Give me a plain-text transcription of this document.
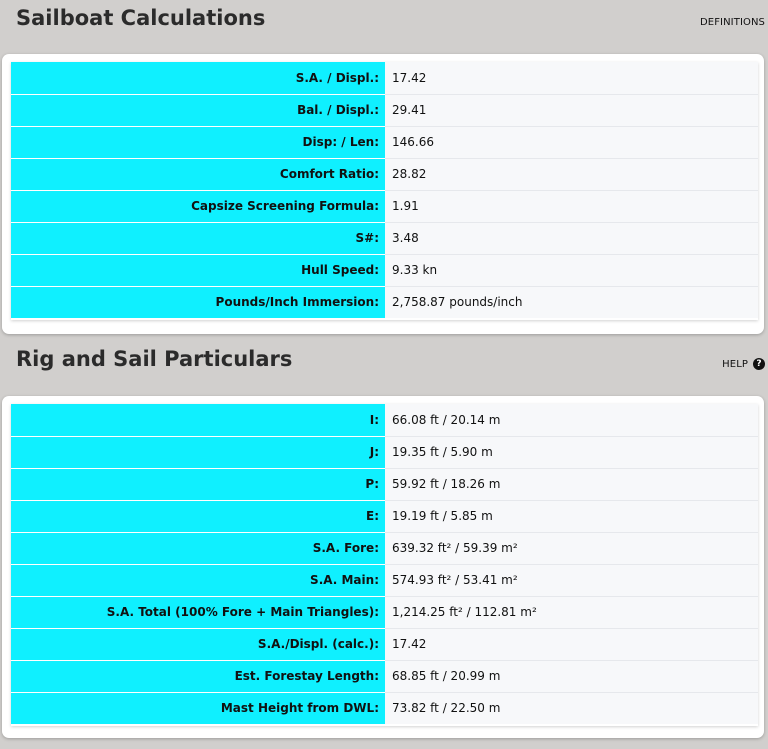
Sailboat Calculations	DEFINITIONS
S.A. / Displ.:	17.42
Bal. / Displ.:	29.41
Disp: / Len:	146.66
Comfort Ratio:	28.82
Capsize Screening Formula:	1.91
S#:	3.48
Hull Speed:	9.33 kn
Pounds/Inch Immersion:	2,758.87 pounds/inch
Rig and Sail Particulars	HELP ?
I:	66.08 ft / 20.14 m
J:	19.35 ft / 5.90 m
P:	59.92 ft / 18.26 m
E:	19.19 ft / 5.85 m
S.A. Fore:	639.32 ft² / 59.39 m²
S.A. Main:	574.93 ft² / 53.41 m²
S.A. Total (100% Fore + Main Triangles):	1,214.25 ft² / 112.81 m²
S.A./Displ. (calc.):	17.42
Est. Forestay Length:	68.85 ft / 20.99 m
Mast Height from DWL:	73.82 ft / 22.50 m
